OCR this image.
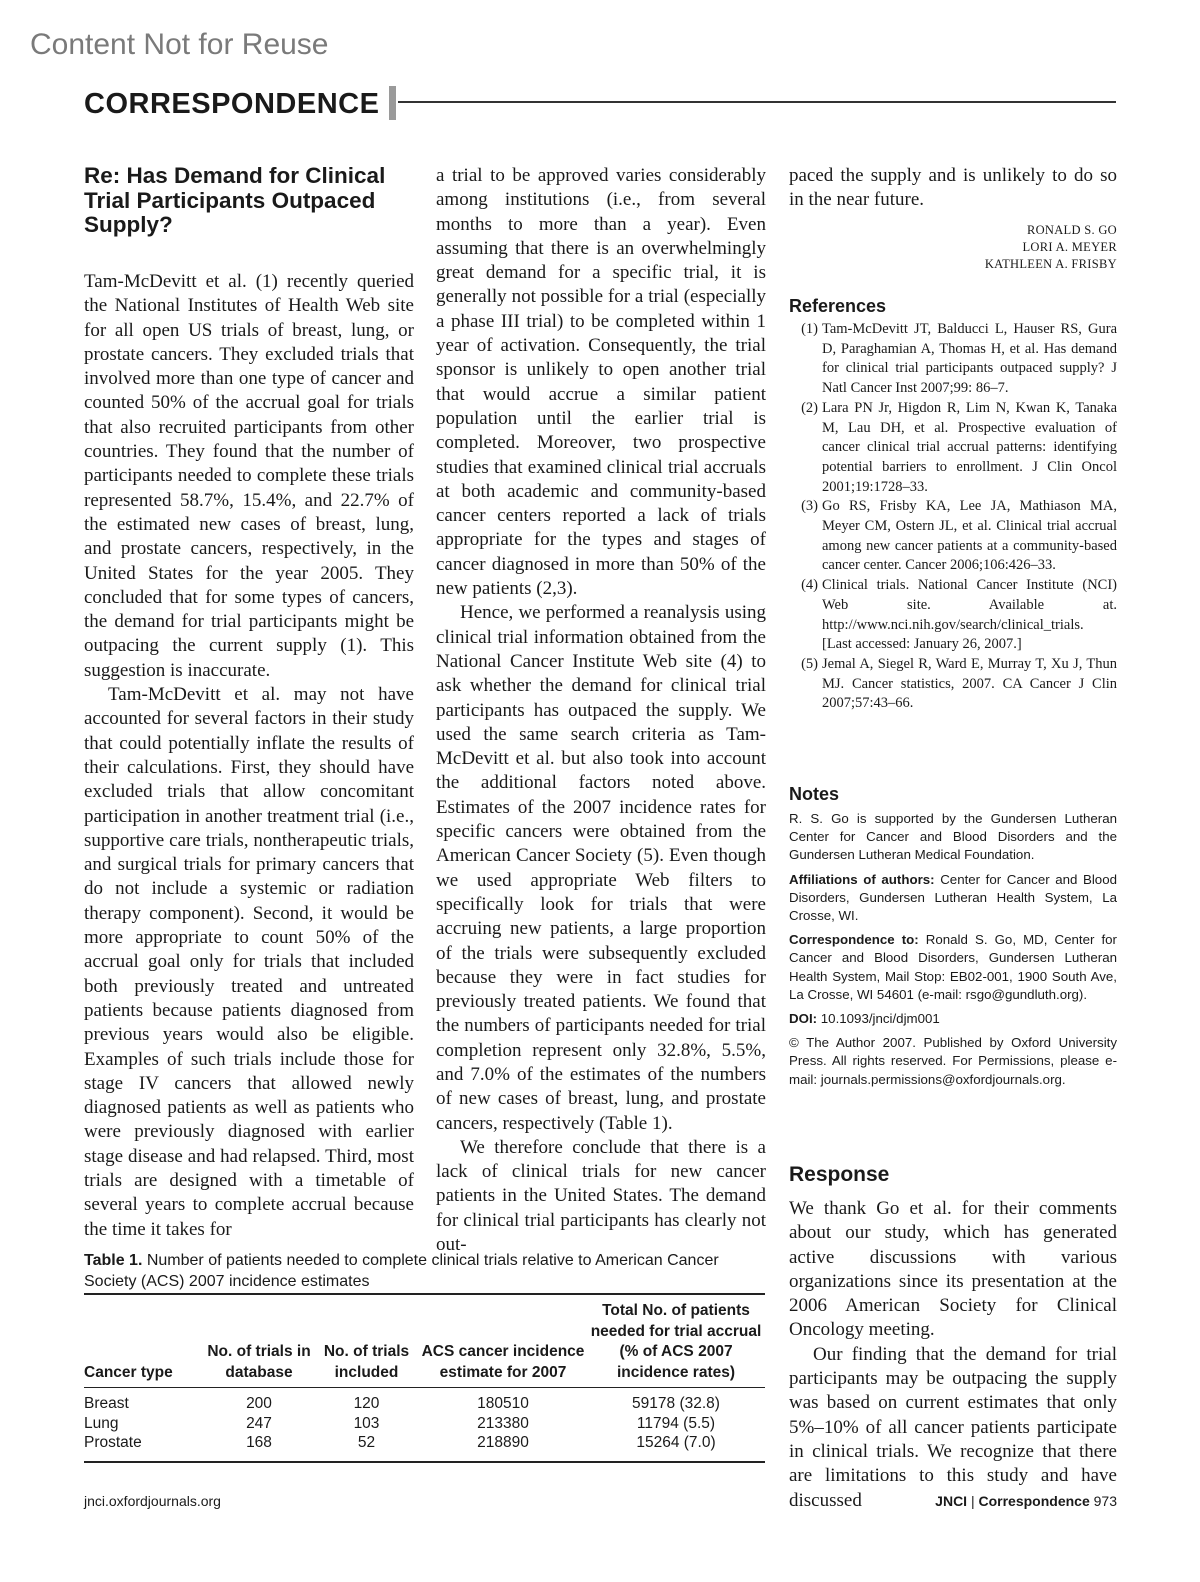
Content Not for Reuse
CORRESPONDENCE
Re: Has Demand for Clinical Trial Participants Outpaced Supply?

Tam-McDevitt et al. (1) recently queried the National Institutes of Health Web site for all open US trials of breast, lung, or prostate cancers. They excluded trials that involved more than one type of cancer and counted 50% of the accrual goal for trials that also recruited participants from other countries. They found that the number of participants needed to complete these trials represented 58.7%, 15.4%, and 22.7% of the estimated new cases of breast, lung, and prostate cancers, respectively, in the United States for the year 2005. They concluded that for some types of cancers, the demand for trial participants might be outpacing the current supply (1). This suggestion is inaccurate.

Tam-McDevitt et al. may not have accounted for several factors in their study that could potentially inflate the results of their calculations. First, they should have excluded trials that allow concomitant participation in another treatment trial (i.e., supportive care trials, nontherapeutic trials, and surgical trials for primary cancers that do not include a systemic or radiation therapy component). Second, it would be more appropriate to count 50% of the accrual goal only for trials that included both previously treated and untreated patients because patients diagnosed from previous years would also be eligible. Examples of such trials include those for stage IV cancers that allowed newly diagnosed patients as well as patients who were previously diagnosed with earlier stage disease and had relapsed. Third, most trials are designed with a timetable of several years to complete accrual because the time it takes for

a trial to be approved varies considerably among institutions (i.e., from several months to more than a year). Even assuming that there is an overwhelmingly great demand for a specific trial, it is generally not possible for a trial (especially a phase III trial) to be completed within 1 year of activation. Consequently, the trial sponsor is unlikely to open another trial that would accrue a similar patient population until the earlier trial is completed. Moreover, two prospective studies that examined clinical trial accruals at both academic and community-based cancer centers reported a lack of trials appropriate for the types and stages of cancer diagnosed in more than 50% of the new patients (2,3).

Hence, we performed a reanalysis using clinical trial information obtained from the National Cancer Institute Web site (4) to ask whether the demand for clinical trial participants has outpaced the supply. We used the same search criteria as Tam-McDevitt et al. but also took into account the additional factors noted above. Estimates of the 2007 incidence rates for specific cancers were obtained from the American Cancer Society (5). Even though we used appropriate Web filters to specifically look for trials that were accruing new patients, a large proportion of the trials were subsequently excluded because they were in fact studies for previously treated patients. We found that the numbers of participants needed for trial completion represent only 32.8%, 5.5%, and 7.0% of the estimates of the numbers of new cases of breast, lung, and prostate cancers, respectively (Table 1).

We therefore conclude that there is a lack of clinical trials for new cancer patients in the United States. The demand for clinical trial participants has clearly not out-

paced the supply and is unlikely to do so in the near future.

RONALD S. GO
LORI A. MEYER
KATHLEEN A. FRISBY
References
(1) Tam-McDevitt JT, Balducci L, Hauser RS, Gura D, Paraghamian A, Thomas H, et al. Has demand for clinical trial participants outpaced supply? J Natl Cancer Inst 2007;99: 86–7.
(2) Lara PN Jr, Higdon R, Lim N, Kwan K, Tanaka M, Lau DH, et al. Prospective evaluation of cancer clinical trial accrual patterns: identifying potential barriers to enrollment. J Clin Oncol 2001;19:1728–33.
(3) Go RS, Frisby KA, Lee JA, Mathiason MA, Meyer CM, Ostern JL, et al. Clinical trial accrual among new cancer patients at a community-based cancer center. Cancer 2006;106:426–33.
(4) Clinical trials. National Cancer Institute (NCI) Web site. Available at. http://www.nci.nih.gov/search/clinical_trials. [Last accessed: January 26, 2007.]
(5) Jemal A, Siegel R, Ward E, Murray T, Xu J, Thun MJ. Cancer statistics, 2007. CA Cancer J Clin 2007;57:43–66.
Notes

R. S. Go is supported by the Gundersen Lutheran Center for Cancer and Blood Disorders and the Gundersen Lutheran Medical Foundation.

Affiliations of authors: Center for Cancer and Blood Disorders, Gundersen Lutheran Health System, La Crosse, WI.

Correspondence to: Ronald S. Go, MD, Center for Cancer and Blood Disorders, Gundersen Lutheran Health System, Mail Stop: EB02-001, 1900 South Ave, La Crosse, WI 54601 (e-mail: rsgo@gundluth.org).

DOI: 10.1093/jnci/djm001

© The Author 2007. Published by Oxford University Press. All rights reserved. For Permissions, please e-mail: journals.permissions@oxfordjournals.org.

Response

We thank Go et al. for their comments about our study, which has generated active discussions with various organizations since its presentation at the 2006 American Society for Clinical Oncology meeting.

Our finding that the demand for trial participants may be outpacing the supply was based on current estimates that only 5%–10% of all cancer patients participate in clinical trials. We recognize that there are limitations to this study and have discussed

Table 1. Number of patients needed to complete clinical trials relative to American Cancer Society (ACS) 2007 incidence estimates
Cancer type	No. of trials in database	No. of trials included	ACS cancer incidence estimate for 2007	Total No. of patients needed for trial accrual (% of ACS 2007 incidence rates)
Breast	200	120	180510	59178 (32.8)
Lung	247	103	213380	11794 (5.5)
Prostate	168	52	218890	15264 (7.0)
jnci.oxfordjournals.org	JNCI | Correspondence 973
